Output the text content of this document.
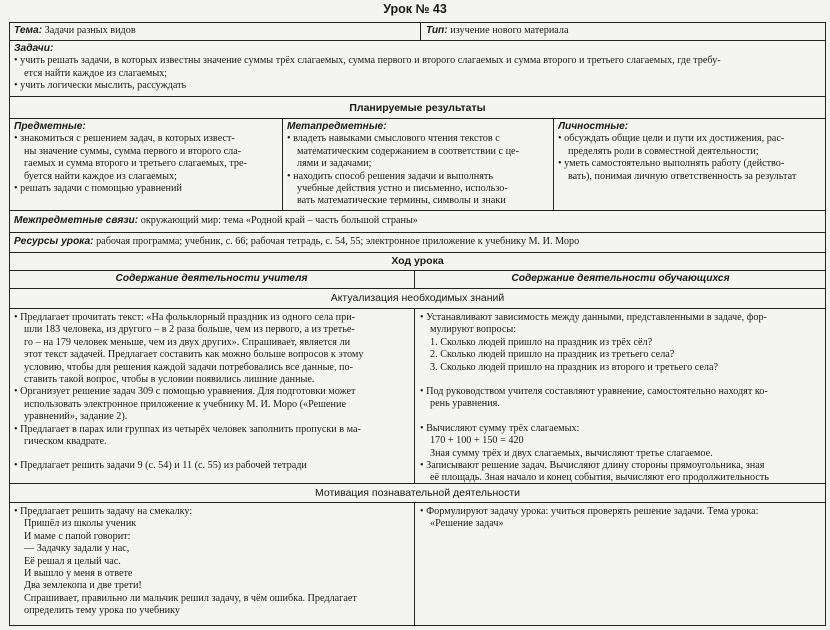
Урок № 43
Тема: Задачи разных видов	Тип: изучение нового материала
Задачи:
• учить решать задачи, в которых известны значение суммы трёх слагаемых, сумма первого и второго слагаемых и сумма второго и третьего слагаемых, где требу-
ется найти каждое из слагаемых;
• учить логически мыслить, рассуждать
Планируемые результаты
Предметные:
• знакомиться с решением задач, в которых извест-
ны значение суммы, сумма первого и второго сла-
гаемых и сумма второго и третьего слагаемых, тре-
буется найти каждое из слагаемых;
• решать задачи с помощью уравнений
Метапредметные:
• владеть навыками смыслового чтения текстов с
математическим содержанием в соответствии с це-
лями и задачами;
• находить способ решения задачи и выполнять
учебные действия устно и письменно, использо-
вать математические термины, символы и знаки
Личностные:
• обсуждать общие цели и пути их достижения, рас-
пределять роли в совместной деятельности;
• уметь самостоятельно выполнять работу (действо-
вать), понимая личную ответственность за результат
Межпредметные связи: окружающий мир: тема «Родной край – часть большой страны»
Ресурсы урока: рабочая программа; учебник, с. 66; рабочая тетрадь, с. 54, 55; электронное приложение к учебнику М. И. Моро
Ход урока
Содержание деятельности учителя	Содержание деятельности обучающихся
Актуализация необходимых знаний
• Предлагает прочитать текст: «На фольклорный праздник из одного села при-
шли 183 человека, из другого – в 2 раза больше, чем из первого, а из третье-
го – на 179 человек меньше, чем из двух других». Спрашивает, является ли
этот текст задачей. Предлагает составить как можно больше вопросов к этому
условию, чтобы для решения каждой задачи потребовались все данные, по-
ставить такой вопрос, чтобы в условии появились лишние данные.
• Организует решение задач 309 с помощью уравнения. Для подготовки может
использовать электронное приложение к учебнику М. И. Моро («Решение
уравнений», задание 2).
• Предлагает в парах или группах из четырёх человек заполнить пропуски в ма-
гическом квадрате.
• Предлагает решить задачи 9 (с. 54) и 11 (с. 55) из рабочей тетради
• Устанавливают зависимость между данными, представленными в задаче, фор-
мулируют вопросы:
1. Сколько людей пришло на праздник из трёх сёл?
2. Сколько людей пришло на праздник из третьего села?
3. Сколько людей пришло на праздник из второго и третьего села?
• Под руководством учителя составляют уравнение, самостоятельно находят ко-
рень уравнения.
• Вычисляют сумму трёх слагаемых:
170 + 100 + 150 = 420
Зная сумму трёх и двух слагаемых, вычисляют третье слагаемое.
• Записывают решение задач. Вычисляют длину стороны прямоугольника, зная
её площадь. Зная начало и конец события, вычисляют его продолжительность
Мотивация познавательной деятельности
• Предлагает решить задачу на смекалку:
Пришёл из школы ученик
И маме с папой говорит:
— Задачку задали у нас,
Её решал я целый час.
И вышло у меня в ответе
Два землекопа и две трети!
Спрашивает, правильно ли мальчик решил задачу, в чём ошибка. Предлагает
определить тему урока по учебнику
• Формулируют задачу урока: учиться проверять решение задачи. Тема урока:
«Решение задач»
